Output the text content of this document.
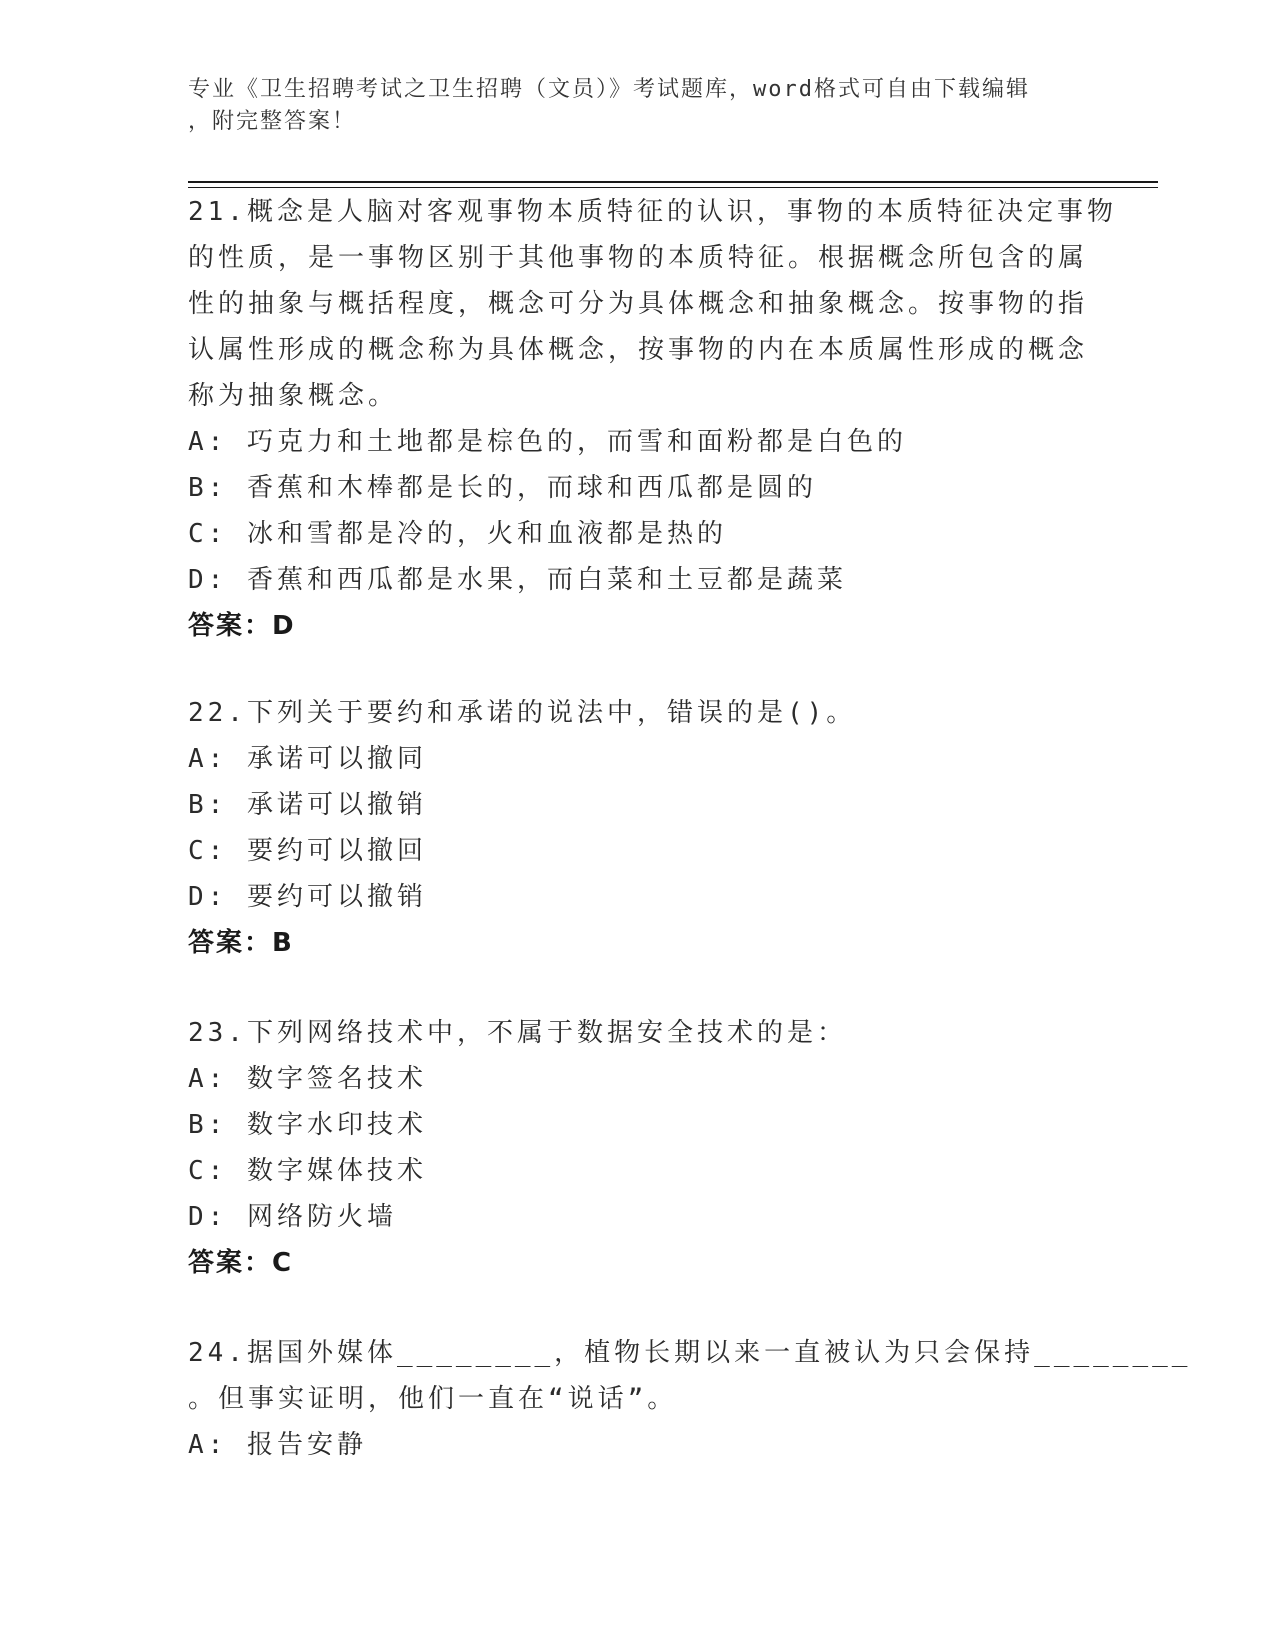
专业《卫生招聘考试之卫生招聘（文员）》考试题库，word格式可自由下载编辑
，附完整答案！
21.概念是人脑对客观事物本质特征的认识，事物的本质特征决定事物
的性质，是一事物区别于其他事物的本质特征。根据概念所包含的属
性的抽象与概括程度，概念可分为具体概念和抽象概念。按事物的指
认属性形成的概念称为具体概念，按事物的内在本质属性形成的概念
称为抽象概念。
A: 巧克力和土地都是棕色的，而雪和面粉都是白色的
B: 香蕉和木棒都是长的，而球和西瓜都是圆的
C: 冰和雪都是冷的，火和血液都是热的
D: 香蕉和西瓜都是水果，而白菜和土豆都是蔬菜
答案：D
22.下列关于要约和承诺的说法中，错误的是()。
A: 承诺可以撤同
B: 承诺可以撤销
C: 要约可以撤回
D: 要约可以撤销
答案：B
23.下列网络技术中，不属于数据安全技术的是：
A: 数字签名技术
B: 数字水印技术
C: 数字媒体技术
D: 网络防火墙
答案：C
24.据国外媒体________，植物长期以来一直被认为只会保持________
。但事实证明，他们一直在“说话”。
A: 报告安静
